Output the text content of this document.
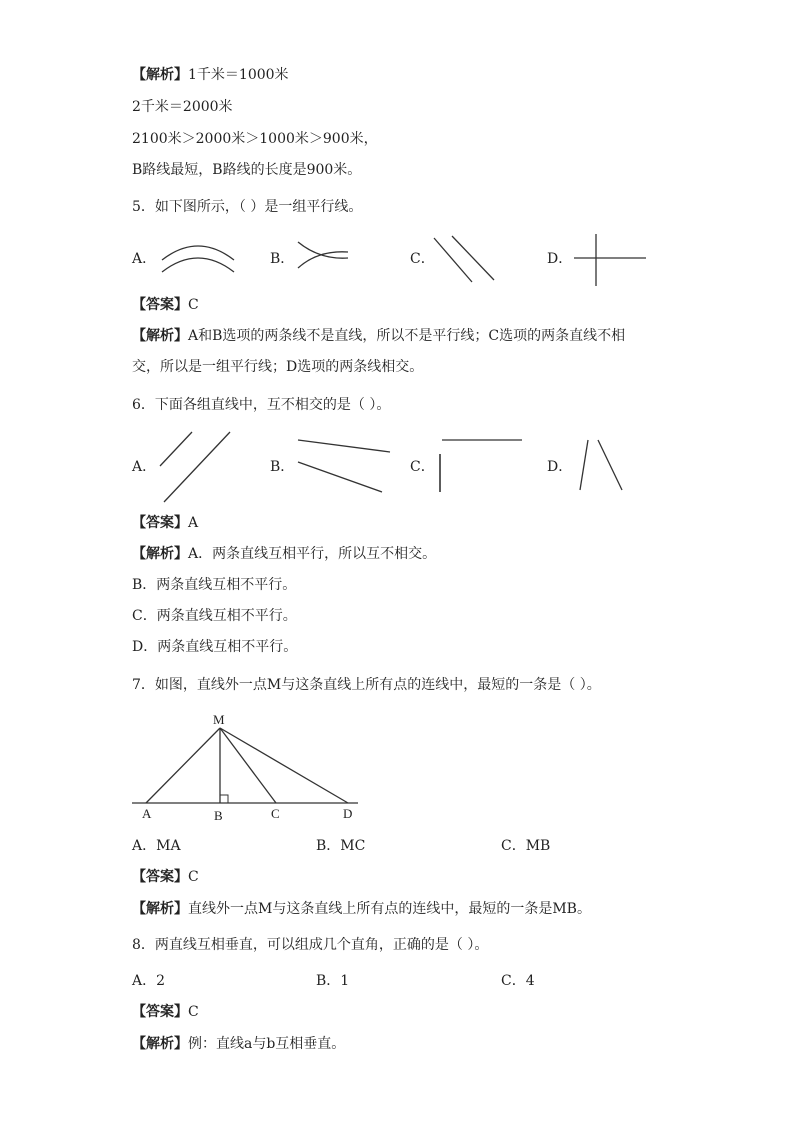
【解析】1千米＝1000米
2千米＝2000米
2100米＞2000米＞1000米＞900米，
B路线最短，B路线的长度是900米。
5．如下图所示，（ ）是一组平行线。
A．	B．	C．	D．
【答案】C
【解析】A和B选项的两条线不是直线，所以不是平行线；C选项的两条直线不相
交，所以是一组平行线；D选项的两条线相交。
6．下面各组直线中，互不相交的是（ ）。
A．	B．	C．	D．
【答案】A
【解析】A．两条直线互相平行，所以互不相交。
B．两条直线互相不平行。
C．两条直线互相不平行。
D．两条直线互相不平行。
7．如图，直线外一点M与这条直线上所有点的连线中，最短的一条是（ ）。
M
A	B	C	D
A．MA	B．MC	C．MB
【答案】C
【解析】直线外一点M与这条直线上所有点的连线中，最短的一条是MB。
8．两直线互相垂直，可以组成几个直角，正确的是（ ）。
A．2	B．1	C．4
【答案】C
【解析】例：直线a与b互相垂直。
